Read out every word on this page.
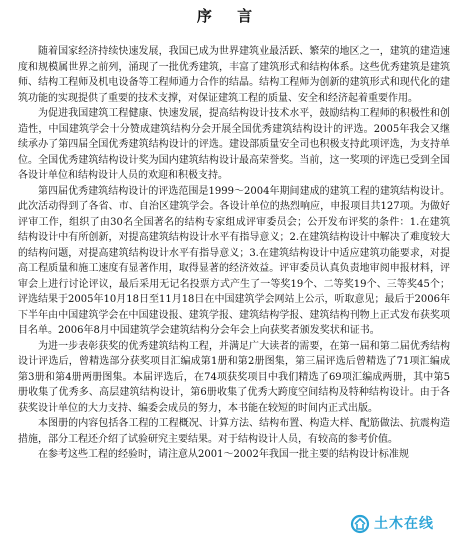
序 言

随着国家经济持续快速发展，我国已成为世界建筑业最活跃、繁荣的地区之一，建筑的建造速度和规模属世界之前列，涌现了一批优秀建筑，丰富了建筑形式和结构体系。这些优秀建筑是建筑师、结构工程师及机电设备等工程师通力合作的结晶。结构工程师为创新的建筑形式和现代化的建筑功能的实现提供了重要的技术支撑，对保证建筑工程的质量、安全和经济起着重要作用。

为促进我国建筑工程健康、快速发展，提高结构设计技术水平，鼓励结构工程师的积极性和创造性，中国建筑学会十分赞成建筑结构分会开展全国优秀建筑结构设计的评选。2005年我会又继续承办了第四届全国优秀建筑结构设计的评选。建设部质量安全司也积极支持此项评选，为支持单位。全国优秀建筑结构设计奖为国内建筑结构设计最高荣誉奖。当前，这一奖项的评选已受到全国各设计单位和结构设计人员的欢迎和积极支持。

第四届优秀建筑结构设计的评选范围是1999～2004年期间建成的建筑工程的建筑结构设计。此次活动得到了各省、市、自治区建筑学会。各设计单位的热烈响应，申报项目共127项。为做好评审工作，组织了由30名全国著名的结构专家组成评审委员会；公开发布评奖的条件：1.在建筑结构设计中有所创新，对提高建筑结构设计水平有指导意义；2.在建筑结构设计中解决了难度较大的结构问题，对提高建筑结构设计水平有指导意义；3.在建筑结构设计中适应建筑功能要求，对提高工程质量和施工速度有显著作用，取得显著的经济效益。评审委员认真负责地审阅申报材料，评审会上进行讨论评议，最后采用无记名投票方式产生了一等奖19个、二等奖19个、三等奖45个；评选结果于2005年10月18日至11月18日在中国建筑学会网站上公示，听取意见；最后于2006年下半年由中国建筑学会在中国建设报、建筑学报、建筑结构学报、建筑结构刊物上正式发布获奖项目名单。2006年8月中国建筑学会建筑结构分会年会上向获奖者颁发奖状和证书。

为进一步表彰获奖的优秀建筑结构工程，并满足广大读者的需要，在第一届和第二届优秀结构设计评选后，曾精选部分获奖项目汇编成第1册和第2册图集，第三届评选后曾精选了71项汇编成第3册和第4册两册图集。本届评选后，在74项获奖项目中我们精选了69项汇编成两册，其中第5册收集了优秀多、高层建筑结构设计，第6册收集了优秀大跨度空间结构及特种结构设计。由于各获奖设计单位的大力支持、编委会成员的努力，本书能在较短的时间内正式出版。

本图册的内容包括各工程的工程概况、计算方法、结构布置、构造大样、配筋做法、抗震构造措施，部分工程还介绍了试验研究主要结果。对于结构设计人员，有较高的参考价值。

在参考这些工程的经验时，请注意从2001～2002年我国一批主要的结构设计标准规

土木在线
